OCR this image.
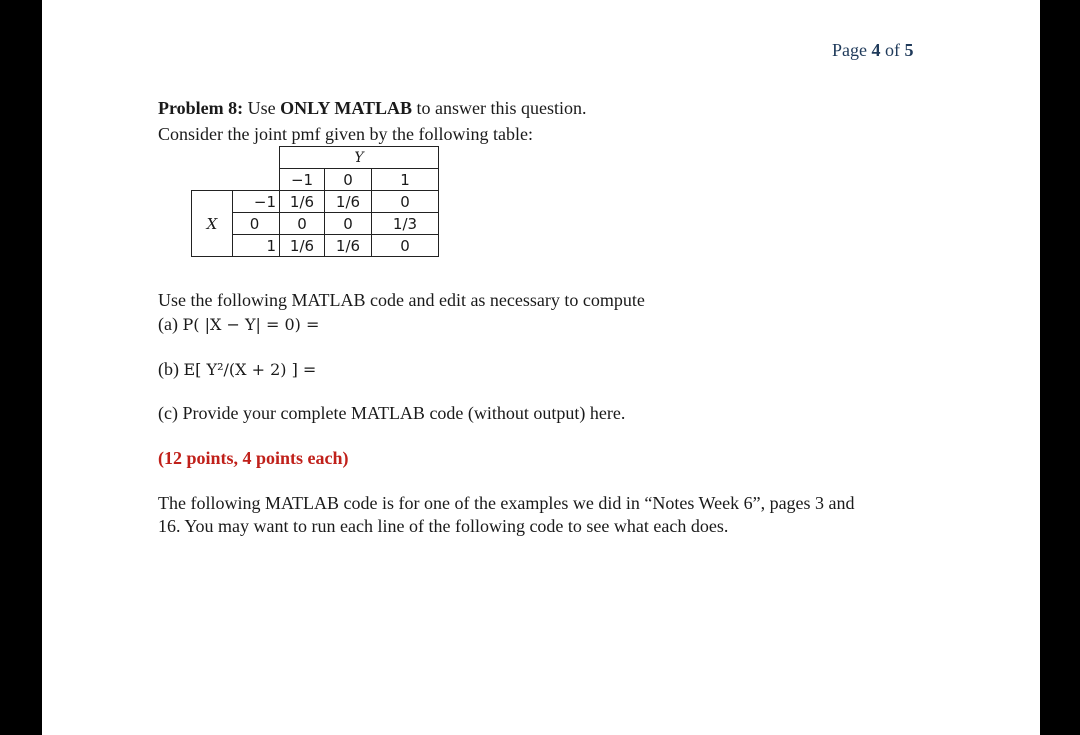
Page 4 of 5
Problem 8: Use ONLY MATLAB to answer this question.
Consider the joint pmf given by the following table:
		Y		
		−1	0	1
X	−1	1/6	1/6	0
	0	0	0	1/3
	1	1/6	1/6	0
Use the following MATLAB code and edit as necessary to compute
(a) P( |X − Y| = 0) =
(b) E[ Y²/(X + 2) ] =
(c) Provide your complete MATLAB code (without output) here.
(12 points, 4 points each)
The following MATLAB code is for one of the examples we did in “Notes Week 6”, pages 3 and
16. You may want to run each line of the following code to see what each does.
